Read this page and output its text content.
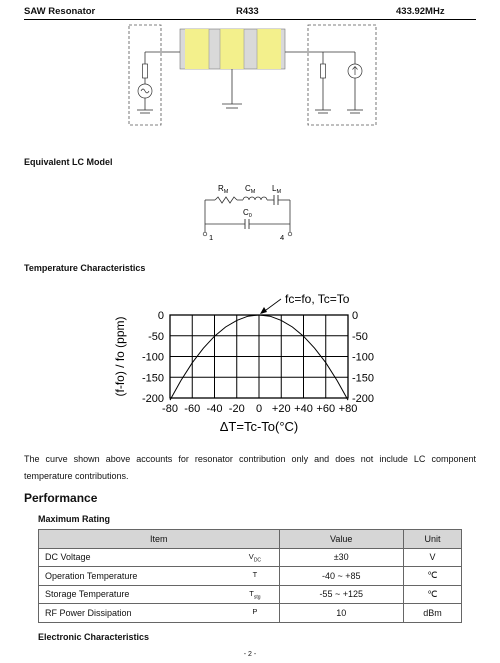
SAW Resonator	R433	433.92MHz
Equivalent LC Model
$R_M$ $C_M$ $L_M$
$C_0$
1	4
Temperature Characteristics
0
-50
-100
-150
-200
0
-50
-100
-150
-200
-80 -60 -40 -20 0 +20 +40 +60 +80
fc=fo, Tc=To
(f-fo) / fo (ppm)
ΔT=Tc-To(°C)
The curve shown above accounts for resonator contribution only and does not include LC component temperature contributions.
Performance
Maximum Rating
Item		Value	Unit
DC Voltage	$V_{DC}$	±30	V
Operation Temperature	T	-40 ~ +85	℃
Storage Temperature	$T_{stg}$	-55 ~ +125	℃
RF Power Dissipation	P	10	dBm
Electronic Characteristics
- 2 -
